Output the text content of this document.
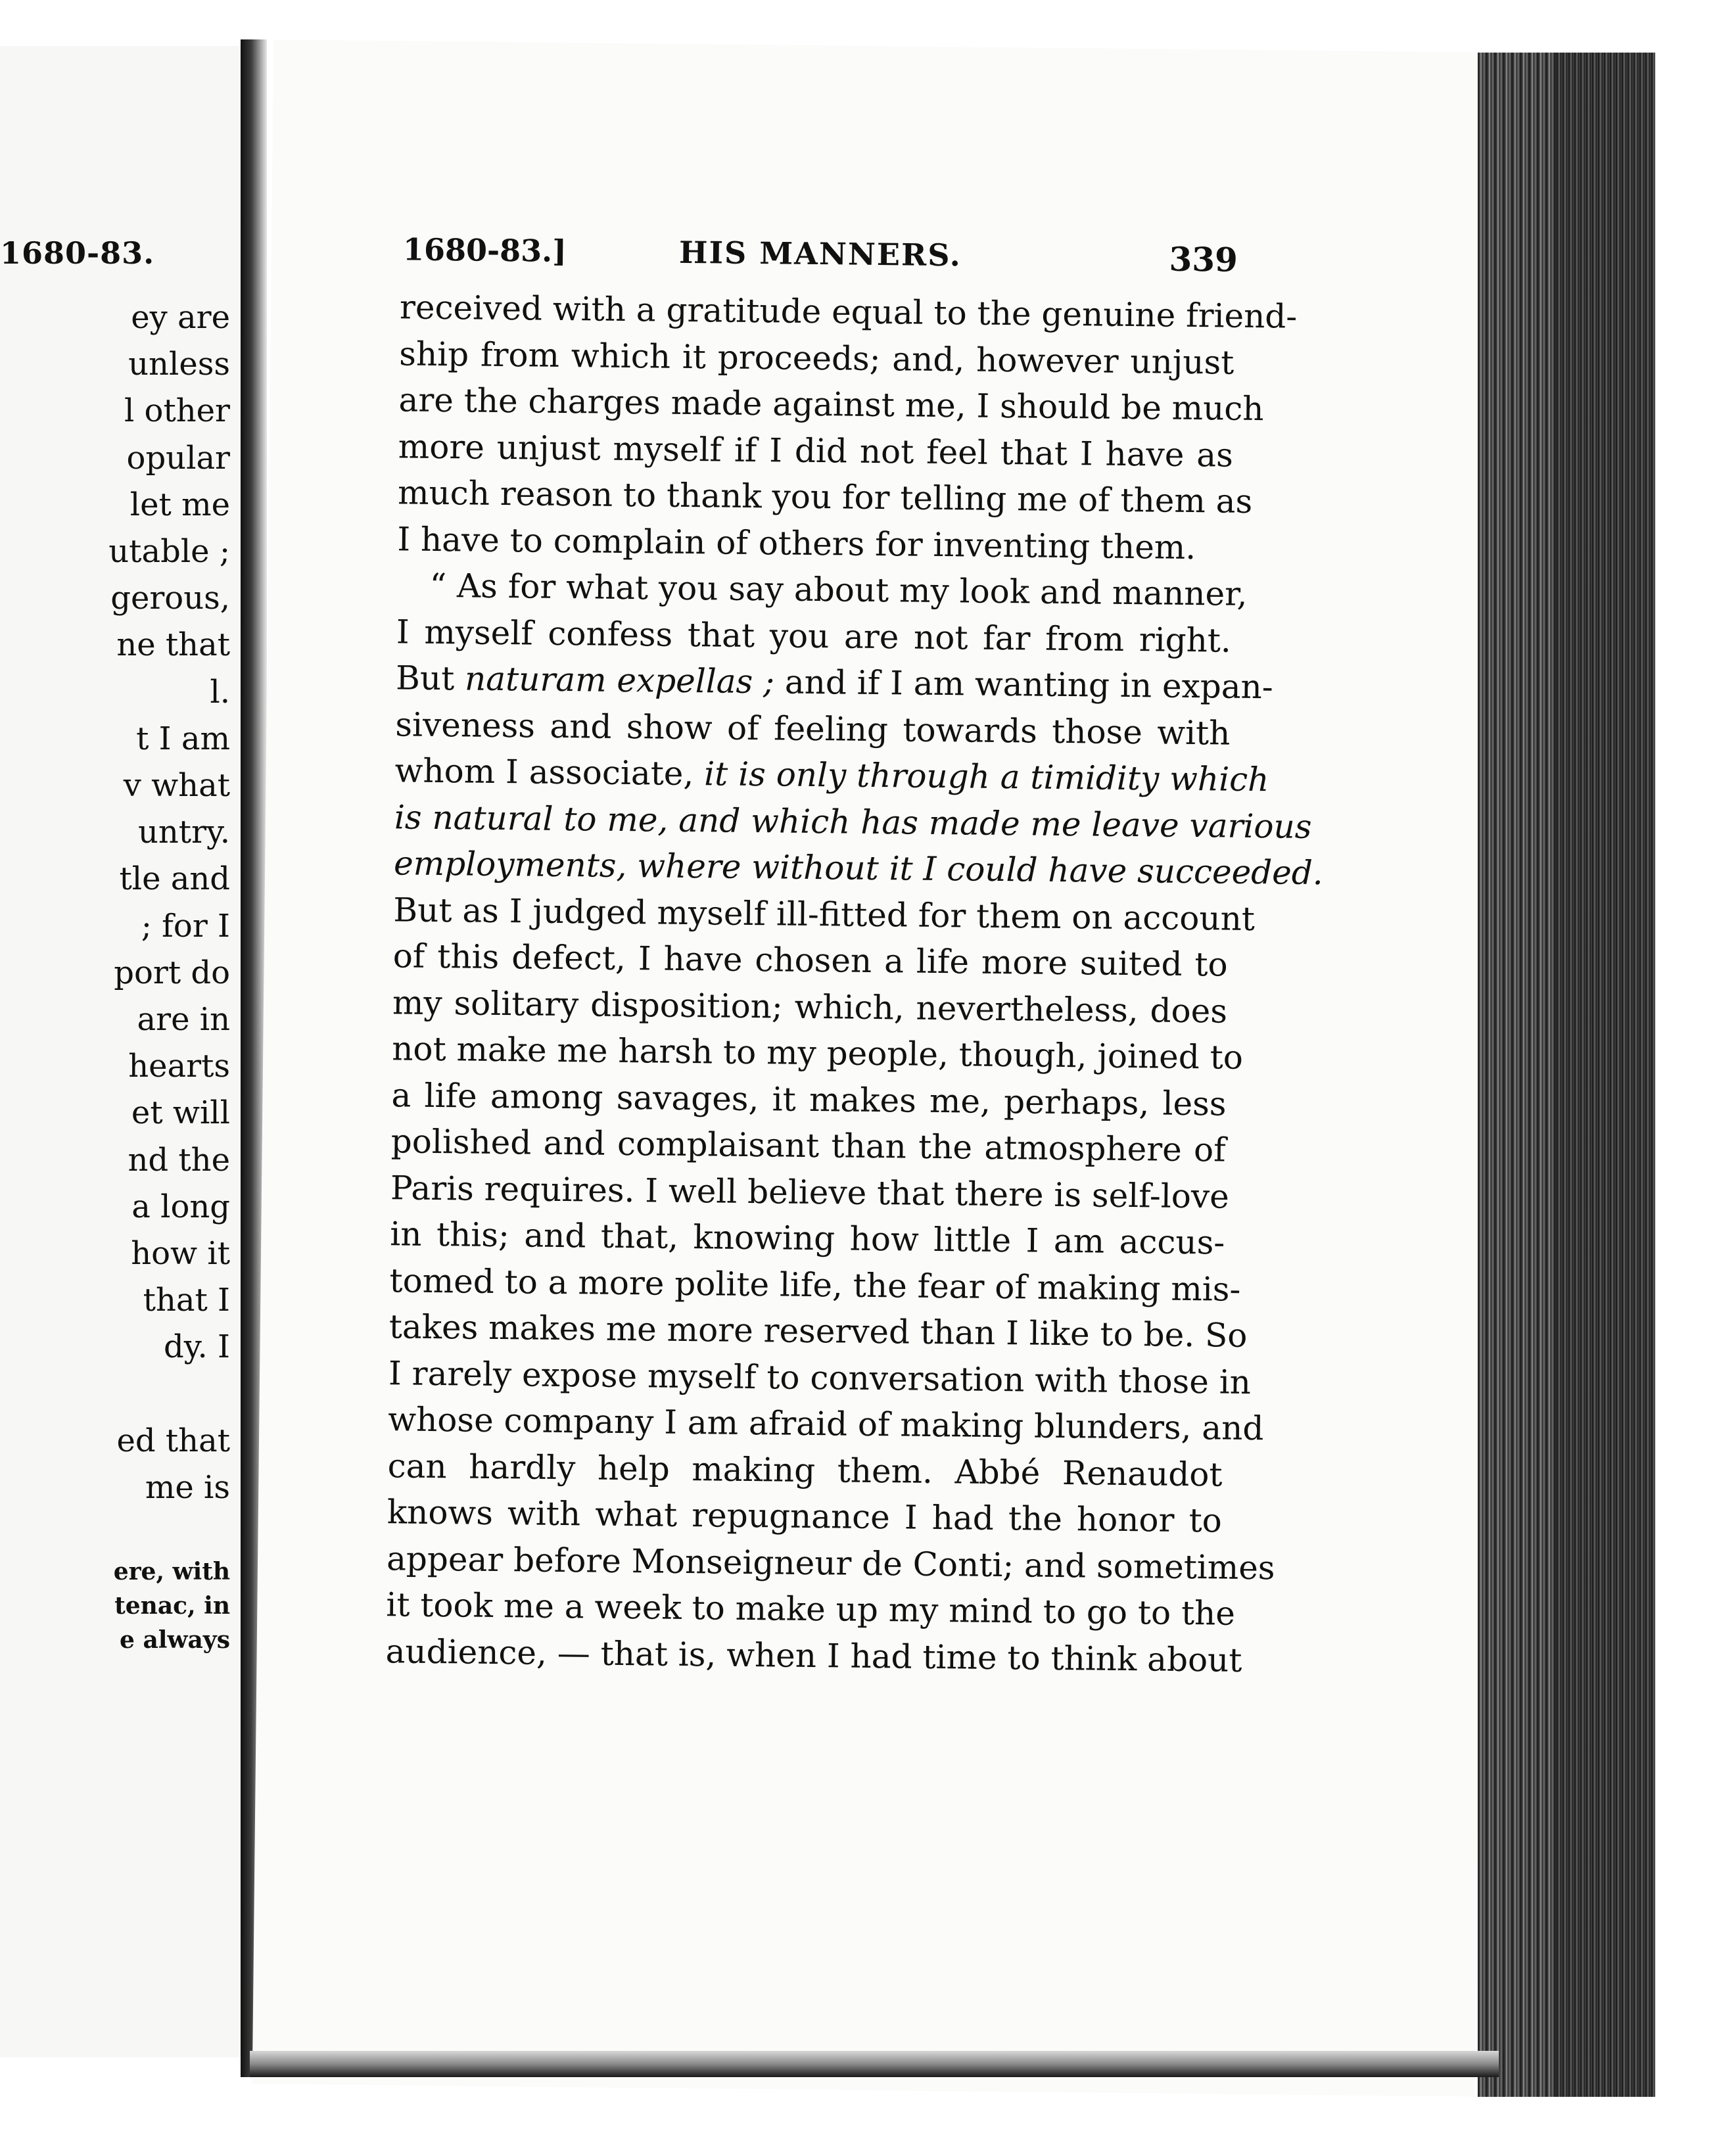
1680-83.
ey are
unless
l other
opular
let me
utable ;
gerous,
ne that
l.
t I am
v what
untry.
tle and
; for I
port do
are in
hearts
et will
nd the
a long
how it
that I
dy. I
ed that
me is
ere, with
tenac, in
e always
1680-83.]	HIS MANNERS.	339
received with a gratitude equal to the genuine friend-
ship from which it proceeds; and, however unjust
are the charges made against me, I should be much
more unjust myself if I did not feel that I have as
much reason to thank you for telling me of them as
I have to complain of others for inventing them.
“ As for what you say about my look and manner,
I myself confess that you are not far from right.
But naturam expellas ; and if I am wanting in expan-
siveness and show of feeling towards those with
whom I associate, it is only through a timidity which
is natural to me, and which has made me leave various
employments, where without it I could have succeeded.
But as I judged myself ill-fitted for them on account
of this defect, I have chosen a life more suited to
my solitary disposition; which, nevertheless, does
not make me harsh to my people, though, joined to
a life among savages, it makes me, perhaps, less
polished and complaisant than the atmosphere of
Paris requires. I well believe that there is self-love
in this; and that, knowing how little I am accus-
tomed to a more polite life, the fear of making mis-
takes makes me more reserved than I like to be. So
I rarely expose myself to conversation with those in
whose company I am afraid of making blunders, and
can hardly help making them. Abbé Renaudot
knows with what repugnance I had the honor to
appear before Monseigneur de Conti; and sometimes
it took me a week to make up my mind to go to the
audience, — that is, when I had time to think about
